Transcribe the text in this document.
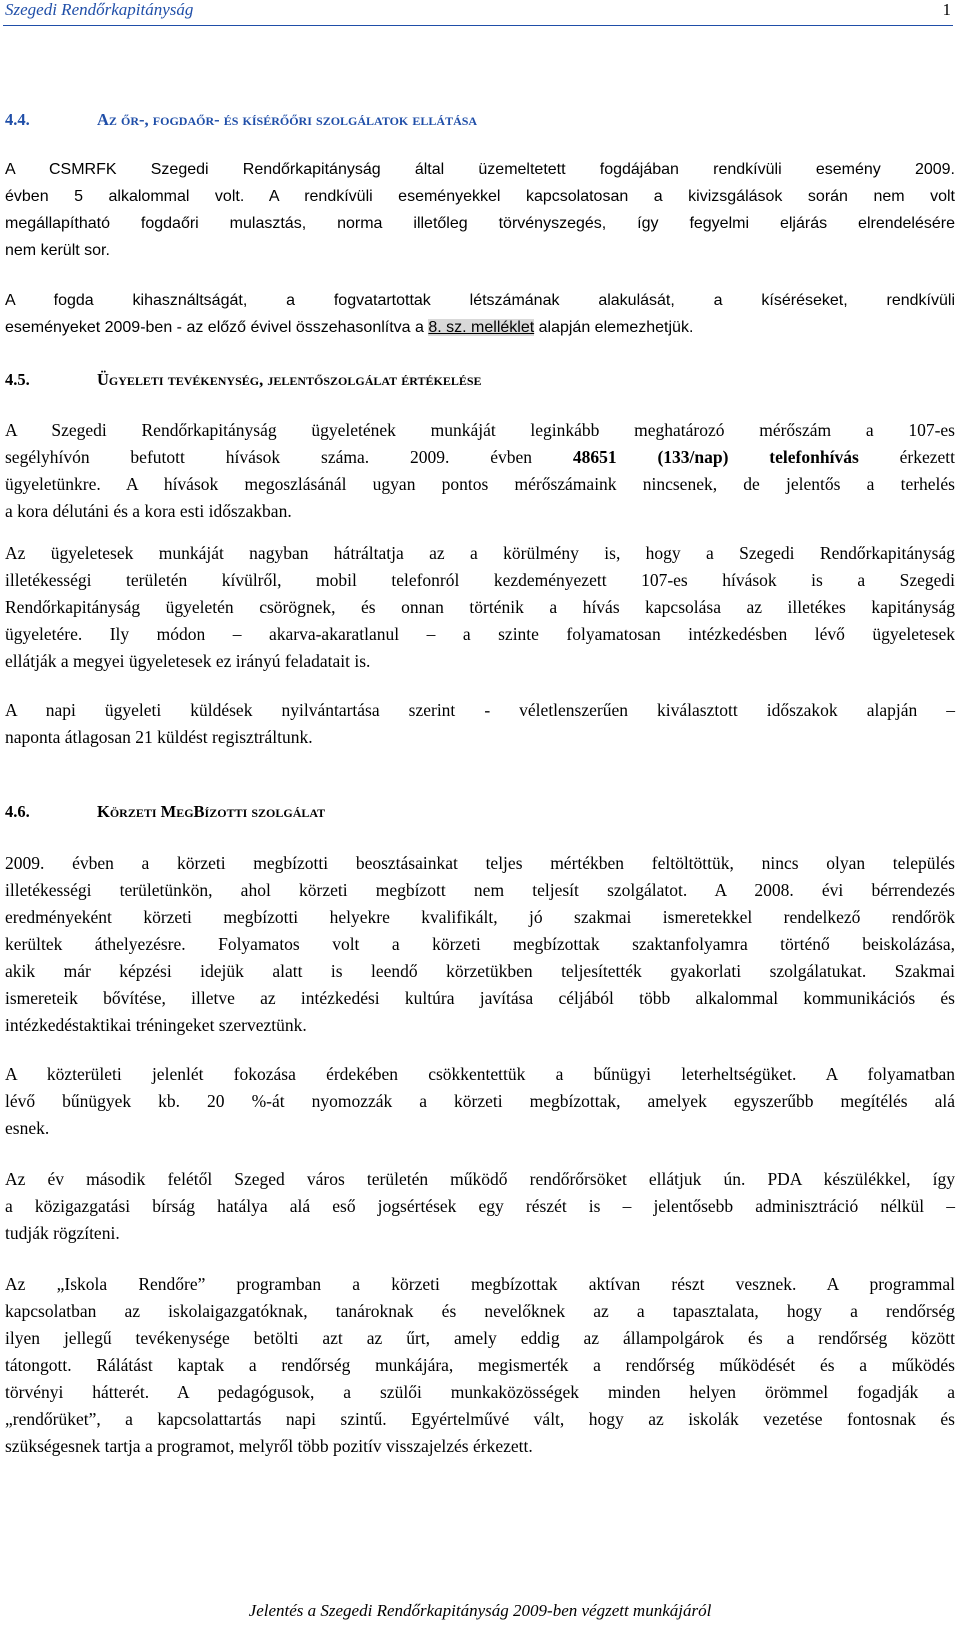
Szegedi Rendőrkapitányság	1
4.4.	Az őr-, fogdaőr- és kísérőőri szolgálatok ellátása
A CSMRFK Szegedi Rendőrkapitányság által üzemeltetett fogdájában rendkívüli esemény 2009.
évben 5 alkalommal volt. A rendkívüli eseményekkel kapcsolatosan a kivizsgálások során nem volt
megállapítható fogdaőri mulasztás, norma illetőleg törvényszegés, így fegyelmi eljárás elrendelésére
nem került sor.
A fogda kihasználtságát, a fogvatartottak létszámának alakulását, a kíséréseket, rendkívüli
eseményeket 2009-ben - az előző évivel összehasonlítva a 8. sz. melléklet alapján elemezhetjük.
4.5.	Ügyeleti tevékenység, jelentőszolgálat értékelése
A Szegedi Rendőrkapitányság ügyeletének munkáját leginkább meghatározó mérőszám a 107-es
segélyhívón befutott hívások száma. 2009. évben 48651 (133/nap) telefonhívás érkezett
ügyeletünkre. A hívások megoszlásánál ugyan pontos mérőszámaink nincsenek, de jelentős a terhelés
a kora délutáni és a kora esti időszakban.
Az ügyeletesek munkáját nagyban hátráltatja az a körülmény is, hogy a Szegedi Rendőrkapitányság
illetékességi területén kívülről, mobil telefonról kezdeményezett 107-es hívások is a Szegedi
Rendőrkapitányság ügyeletén csörögnek, és onnan történik a hívás kapcsolása az illetékes kapitányság
ügyeletére. Ily módon – akarva-akaratlanul – a szinte folyamatosan intézkedésben lévő ügyeletesek
ellátják a megyei ügyeletesek ez irányú feladatait is.
A napi ügyeleti küldések nyilvántartása szerint - véletlenszerűen kiválasztott időszakok alapján –
naponta átlagosan 21 küldést regisztráltunk.
4.6.	Körzeti MegBízotti szolgálat
2009. évben a körzeti megbízotti beosztásainkat teljes mértékben feltöltöttük, nincs olyan település
illetékességi területünkön, ahol körzeti megbízott nem teljesít szolgálatot. A 2008. évi bérrendezés
eredményeként körzeti megbízotti helyekre kvalifikált, jó szakmai ismeretekkel rendelkező rendőrök
kerültek áthelyezésre. Folyamatos volt a körzeti megbízottak szaktanfolyamra történő beiskolázása,
akik már képzési idejük alatt is leendő körzetükben teljesítették gyakorlati szolgálatukat. Szakmai
ismereteik bővítése, illetve az intézkedési kultúra javítása céljából több alkalommal kommunikációs és
intézkedéstaktikai tréningeket szerveztünk.
A közterületi jelenlét fokozása érdekében csökkentettük a bűnügyi leterheltségüket. A folyamatban
lévő bűnügyek kb. 20 %-át nyomozzák a körzeti megbízottak, amelyek egyszerűbb megítélés alá
esnek.
Az év második felétől Szeged város területén működő rendőrőrsöket ellátjuk ún. PDA készülékkel, így
a közigazgatási bírság hatálya alá eső jogsértések egy részét is – jelentősebb adminisztráció nélkül –
tudják rögzíteni.
Az „Iskola Rendőre” programban a körzeti megbízottak aktívan részt vesznek. A programmal
kapcsolatban az iskolaigazgatóknak, tanároknak és nevelőknek az a tapasztalata, hogy a rendőrség
ilyen jellegű tevékenysége betölti azt az űrt, amely eddig az állampolgárok és a rendőrség között
tátongott. Rálátást kaptak a rendőrség munkájára, megismerték a rendőrség működését és a működés
törvényi hátterét. A pedagógusok, a szülői munkaközösségek minden helyen örömmel fogadják a
„rendőrüket”, a kapcsolattartás napi szintű. Egyértelművé vált, hogy az iskolák vezetése fontosnak és
szükségesnek tartja a programot, melyről több pozitív visszajelzés érkezett.
Jelentés a Szegedi Rendőrkapitányság 2009-ben végzett munkájáról
